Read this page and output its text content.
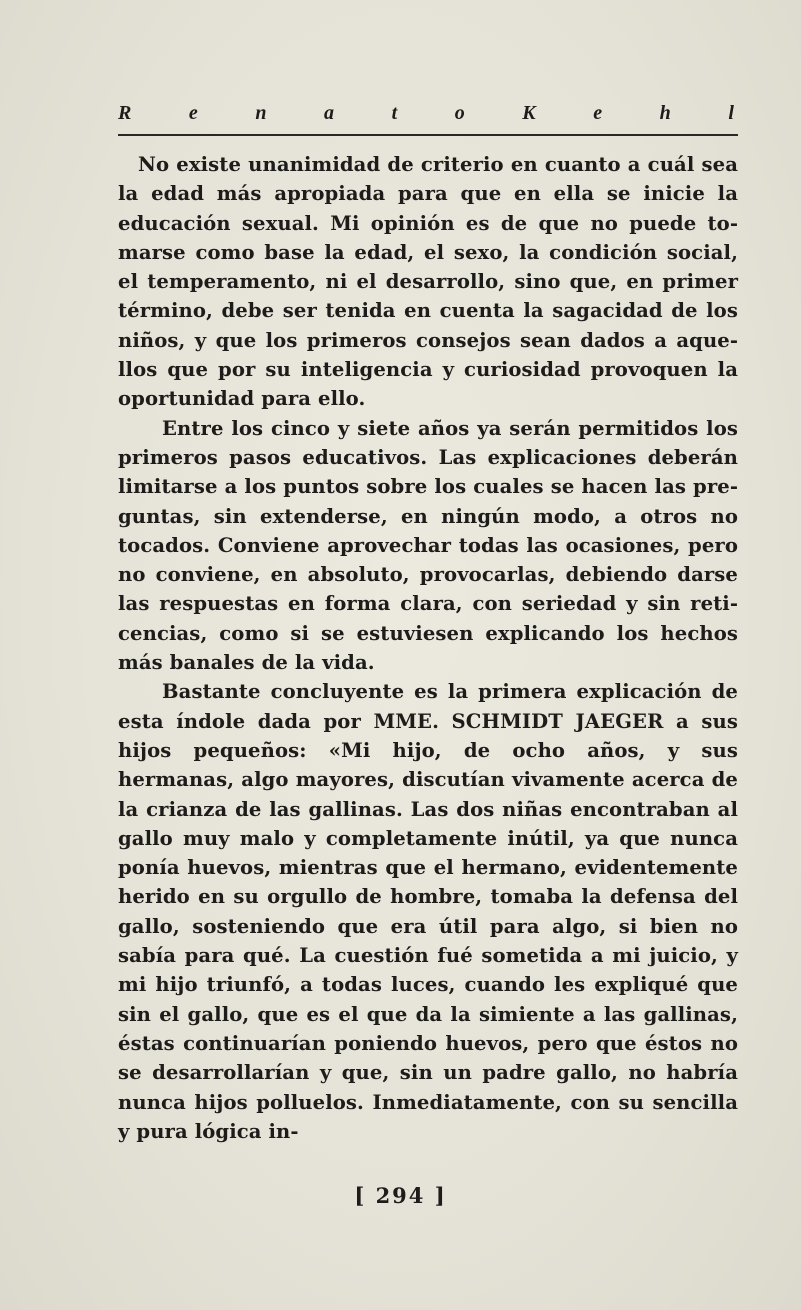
R	e	n	a	t	o	K	e	h	l

No existe unanimidad de criterio en cuanto a cuál sea la edad más apropiada para que en ella se inicie la educación sexual. Mi opinión es de que no puede tomarse como base la edad, el sexo, la condición social, el temperamento, ni el desarrollo, sino que, en primer término, debe ser tenida en cuenta la sagacidad de los niños, y que los primeros consejos sean dados a aquellos que por su inteligencia y curiosidad provoquen la oportunidad para ello.

Entre los cinco y siete años ya serán permitidos los primeros pasos educativos. Las explicaciones deberán limitarse a los puntos sobre los cuales se hacen las preguntas, sin extenderse, en ningún modo, a otros no tocados. Conviene aprovechar todas las ocasiones, pero no conviene, en absoluto, provocarlas, debiendo darse las respuestas en forma clara, con seriedad y sin reticencias, como si se estuviesen explicando los hechos más banales de la vida.

Bastante concluyente es la primera explicación de esta índole dada por MME. SCHMIDT JAEGER a sus hijos pequeños: «Mi hijo, de ocho años, y sus hermanas, algo mayores, discutían vivamente acerca de la crianza de las gallinas. Las dos niñas encontraban al gallo muy malo y completamente inútil, ya que nunca ponía huevos, mientras que el hermano, evidentemente herido en su orgullo de hombre, tomaba la defensa del gallo, sosteniendo que era útil para algo, si bien no sabía para qué. La cuestión fué sometida a mi juicio, y mi hijo triunfó, a todas luces, cuando les expliqué que sin el gallo, que es el que da la simiente a las gallinas, éstas continuarían poniendo huevos, pero que éstos no se desarrollarían y que, sin un padre gallo, no habría nunca hijos polluelos. Inmediatamente, con su sencilla y pura lógica in-

[ 294 ]
